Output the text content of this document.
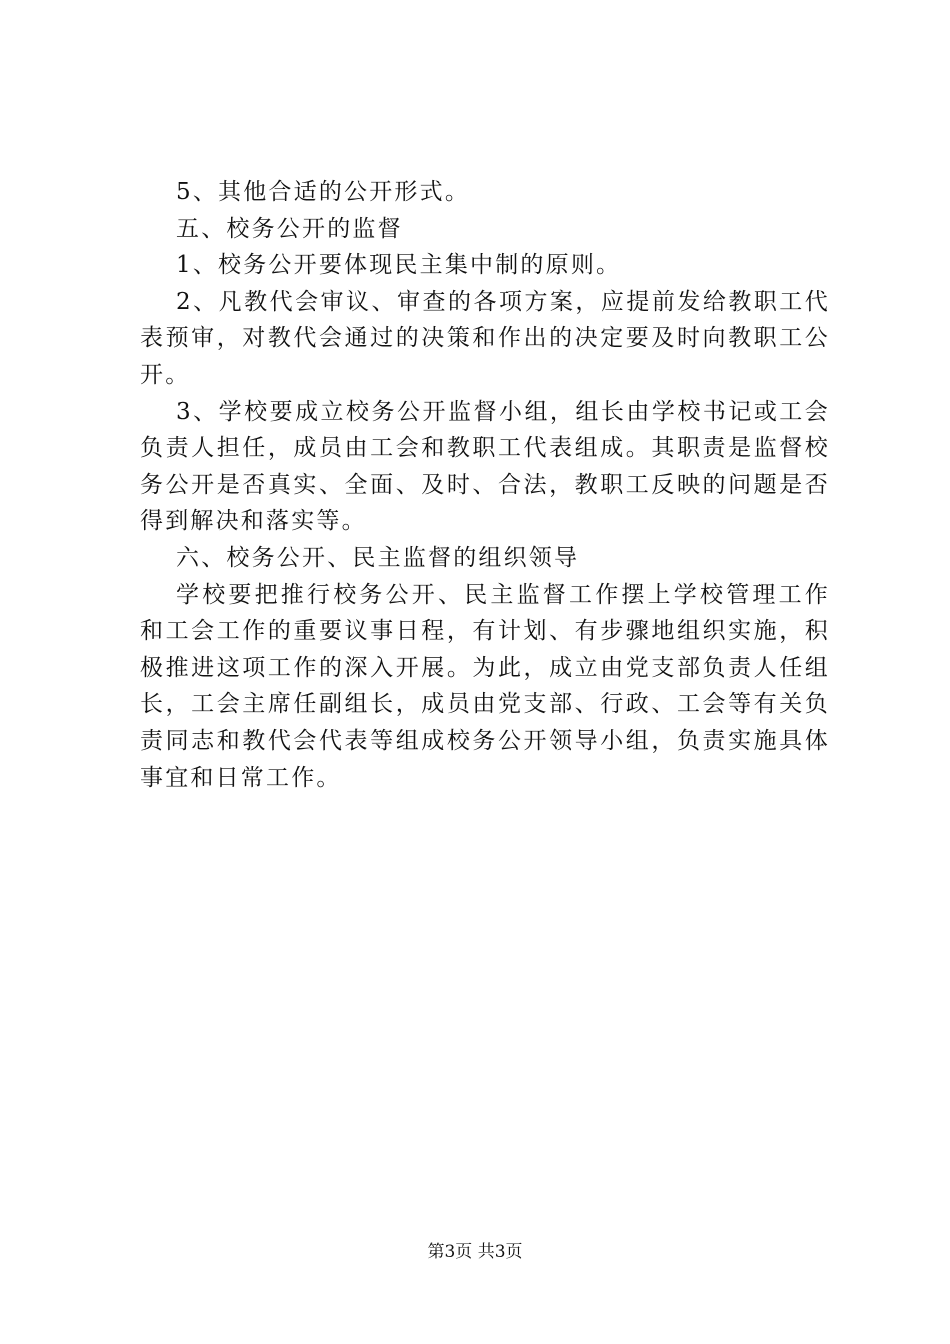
5、其他合适的公开形式。

五、校务公开的监督

1、校务公开要体现民主集中制的原则。

2、凡教代会审议、审查的各项方案，应提前发给教职工代表预审，对教代会通过的决策和作出的决定要及时向教职工公开。

3、学校要成立校务公开监督小组，组长由学校书记或工会负责人担任，成员由工会和教职工代表组成。其职责是监督校务公开是否真实、全面、及时、合法，教职工反映的问题是否得到解决和落实等。

六、校务公开、民主监督的组织领导

学校要把推行校务公开、民主监督工作摆上学校管理工作和工会工作的重要议事日程，有计划、有步骤地组织实施，积极推进这项工作的深入开展。为此，成立由党支部负责人任组长，工会主席任副组长，成员由党支部、行政、工会等有关负责同志和教代会代表等组成校务公开领导小组，负责实施具体事宜和日常工作。

第3页 共3页
